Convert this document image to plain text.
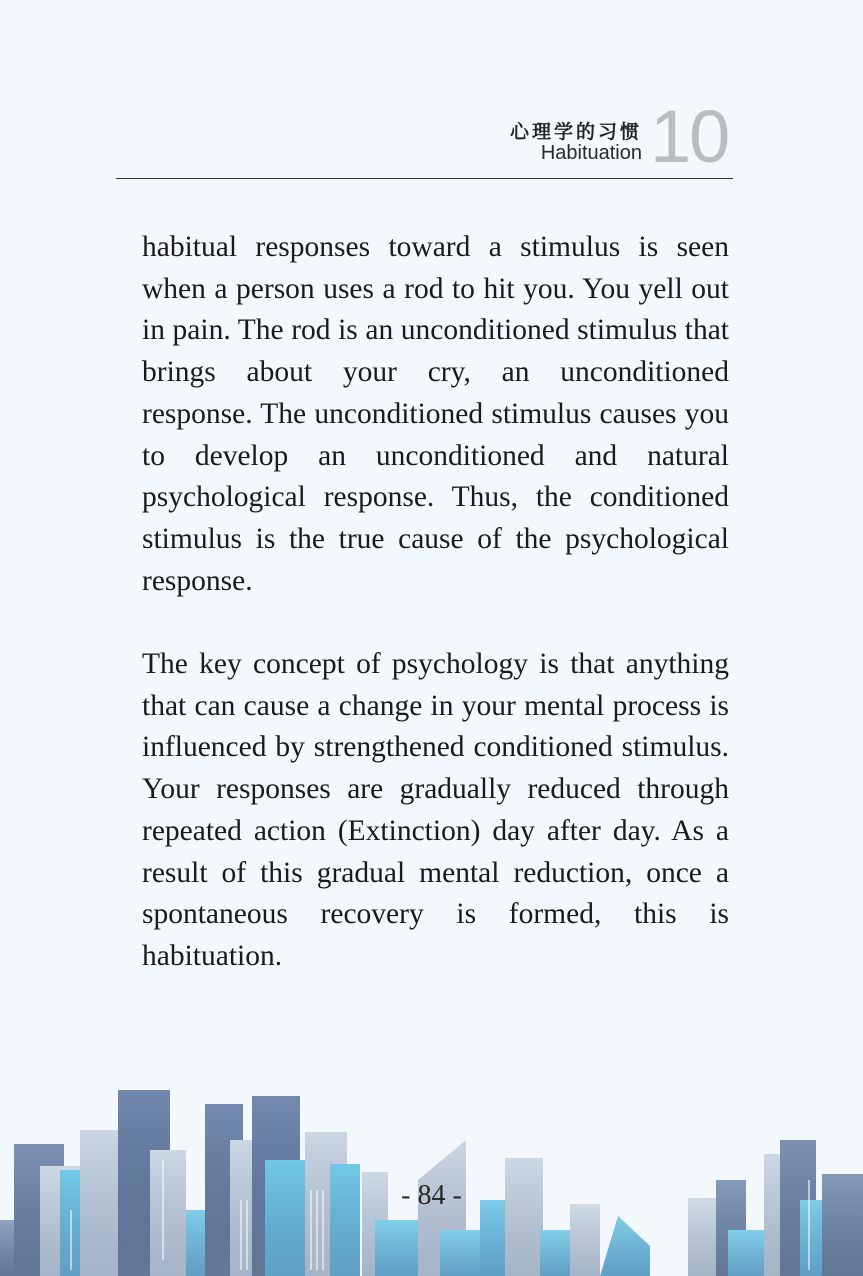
心理学的习惯
Habituation 10

habitual responses toward a stimulus is seen when a person uses a rod to hit you. You yell out in pain. The rod is an unconditioned stimulus that brings about your cry, an unconditioned response. The unconditioned stimulus causes you to develop an unconditioned and natural psychological response. Thus, the conditioned stimulus is the true cause of the psychological response.

The key concept of psychology is that anything that can cause a change in your mental process is influenced by strengthened conditioned stimulus. Your responses are gradually reduced through repeated action (Extinction) day after day. As a result of this gradual mental reduction, once a spontaneous recovery is formed, this is habituation.

- 84 -
